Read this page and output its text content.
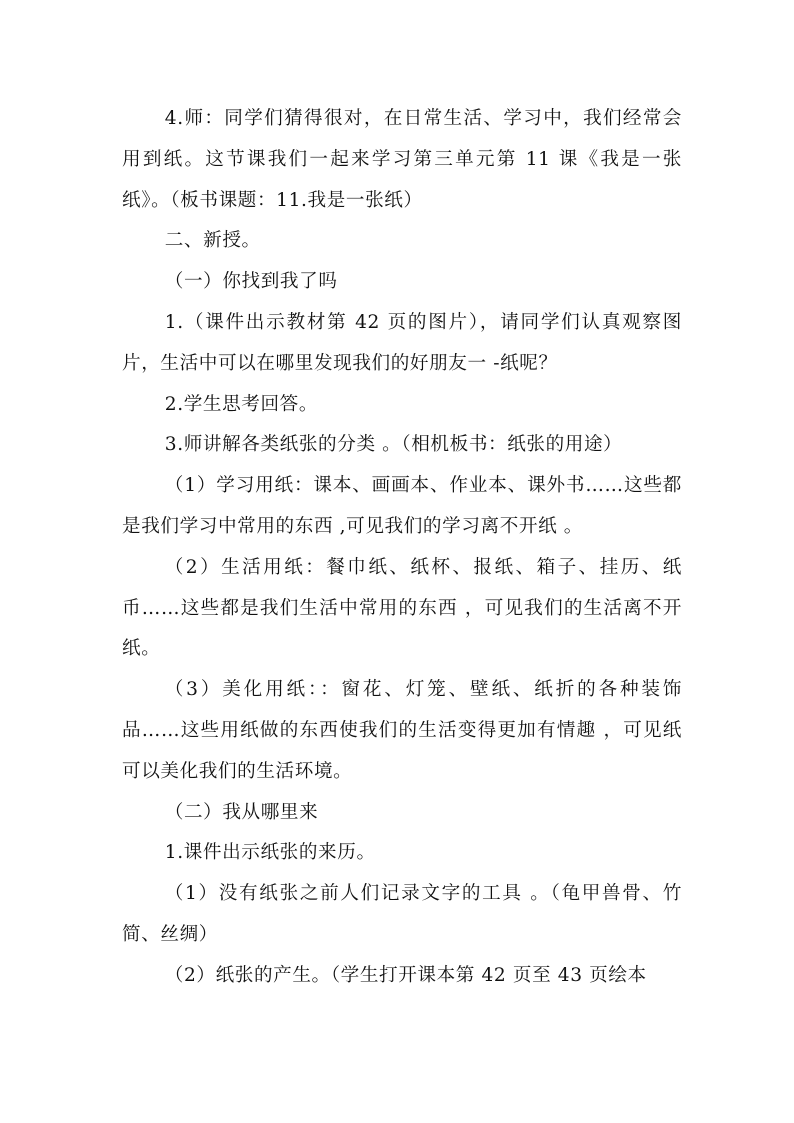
4.师：同学们猜得很对，在日常生活、学习中，我们经常会用到纸。这节课我们一起来学习第三单元第 11 课《我是一张纸》。（板书课题：11.我是一张纸）

二、新授。

（一）你找到我了吗

1.（课件出示教材第 42 页的图片），请同学们认真观察图片，生活中可以在哪里发现我们的好朋友一 -纸呢？

2.学生思考回答。

3.师讲解各类纸张的分类 。（相机板书：纸张的用途）

（1）学习用纸：课本、画画本、作业本、课外书……这些都是我们学习中常用的东西 ,可见我们的学习离不开纸 。

（2）生活用纸：餐巾纸、纸杯、报纸、箱子、挂历、纸币……这些都是我们生活中常用的东西 ，可见我们的生活离不开纸。

（3）美化用纸：：窗花、灯笼、壁纸、纸折的各种装饰品……这些用纸做的东西使我们的生活变得更加有情趣 ，可见纸可以美化我们的生活环境。

（二）我从哪里来

1.课件出示纸张的来历。

（1）没有纸张之前人们记录文字的工具 。（龟甲兽骨、竹简、丝绸）

（2）纸张的产生。（学生打开课本第 42 页至 43 页绘本
